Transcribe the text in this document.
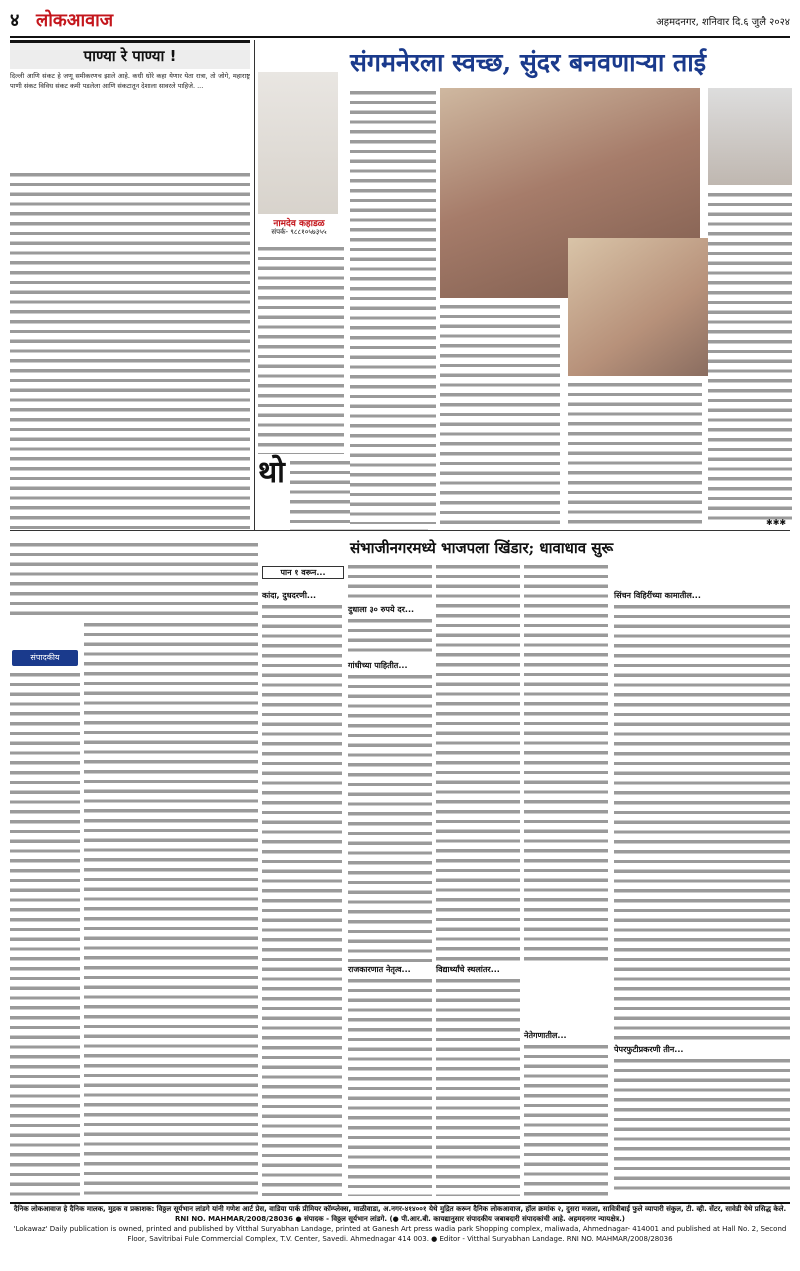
४ लोकआवाज	अहमदनगर, शनिवार दि.६ जुलै २०२४
पाण्या रे पाण्या !
दिल्ली आणि संकट हे जणू समीकरणच झाले आहे. कधी धोरे कहा येणार येता रात्रा, तो जोगे, महाराष्ट्र पाणी संकट विविध संकट कमी पडलेला आणि संकटातून देशाला सावरले पाहिजे. ...
नामदेव कहाडळ
संपर्क- ९८८१०५७३५५
थो
संगमनेरला स्वच्छ, सुंदर बनवणाऱ्या ताई
✱✱✱
संभाजीनगरमध्ये भाजपला खिंडार; धावाधाव सुरू
संपादकीय
पान १ वरून...
कांदा, दुधदरणी...
दुधाला ३० रुपये दर...
गांधीच्या पाहितीत...
राजकारणात नेतृत्व...	विद्यार्थ्यांचे स्थलांतर...
नेतेगणातील...
सिंचन विहिरींच्या कामातील...
पेपरफुटीप्रकरणी तीन...
दैनिक लोकआवाज हे दैनिक मालक, मुद्रक व प्रकाशक: विठ्ठल सूर्यभान लांडगे यांनी गणेश आर्ट प्रेस, वाडिया पार्क प्रीमियर कॉम्प्लेक्स, माळीवाडा, अ.नगर-४१४००१ येथे मुद्रित करून दैनिक लोकआवाज, हॉल क्रमांक २, दुसरा मजला, सावित्रीबाई फुले व्यापारी संकुल, टी. व्ही. सेंटर, सावेडी येथे प्रसिद्ध केले. RNI NO. MAHMAR/2008/28036 ● संपादक - विठ्ठल सूर्यभान लांडगे. (● पी.आर.बी. कायद्यानुसार संपादकीय जबाबदारी संपादकांची आहे. अहमदनगर न्यायक्षेत्र.)
'Lokawaz' Daily publication is owned, printed and published by Vitthal Suryabhan Landage, printed at Ganesh Art press wadia park Shopping complex, maliwada, Ahmednagar- 414001 and published at Hall No. 2, Second Floor, Savitribai Fule Commercial Complex, T.V. Center, Savedi. Ahmednagar 414 003. ● Editor - Vitthal Suryabhan Landage. RNI NO. MAHMAR/2008/28036
